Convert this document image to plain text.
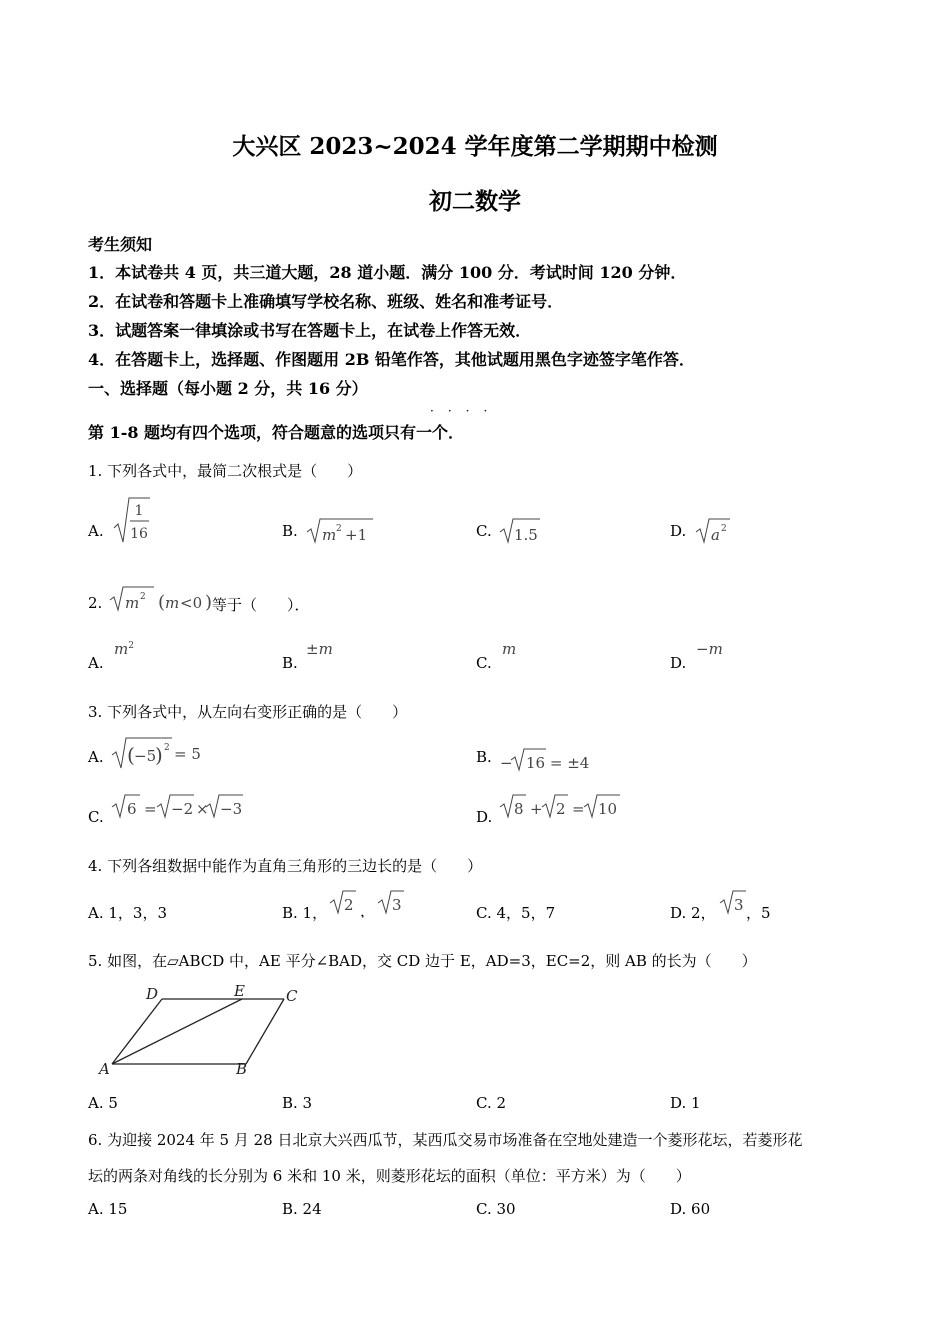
大兴区 2023~2024 学年度第二学期期中检测
初二数学
考生须知
1．本试卷共 4 页，共三道大题，28 道小题．满分 100 分．考试时间 120 分钟．
2．在试卷和答题卡上准确填写学校名称、班级、姓名和准考证号．
3．试题答案一律填涂或书写在答题卡上，在试卷上作答无效．
4．在答题卡上，选择题、作图题用 2B 铅笔作答，其他试题用黑色字迹签字笔作答．
一、选择题（每小题 2 分，共 16 分）
第 1-8 题均有四个选项，符合题意的选项只有一个．
····
1. 下列各式中，最简二次根式是（　　）
A.
1
16	B. m 2 +1	C. 1.5	D. a 2
2. m 2 ( m <0 ) 等于（　　）．
A.
$m^2$
B.
±m
C.
m
D.
−m
3. 下列各式中，从左向右变形正确的是（　　）
A. ( −5
) 2 = 5	B. − 16 = ±4
C. 6 = −2 × −3	D. 8 + 2 = 10
4. 下列各组数据中能作为直角三角形的三边长的是（　　）
A. 1，3，3	B. 1， 2 ， 3	C. 4，5，7	D. 2， 3 ，5
5. 如图，在▱ABCD 中，AE 平分∠BAD，交 CD 边于 E，AD=3，EC=2，则 AB 的长为（　　）
D	E	C
A	B
A. 5	B. 3	C. 2	D. 1
6. 为迎接 2024 年 5 月 28 日北京大兴西瓜节，某西瓜交易市场准备在空地处建造一个菱形花坛，若菱形花
坛的两条对角线的长分别为 6 米和 10 米，则菱形花坛的面积（单位：平方米）为（　　）
A. 15	B. 24	C. 30	D. 60
